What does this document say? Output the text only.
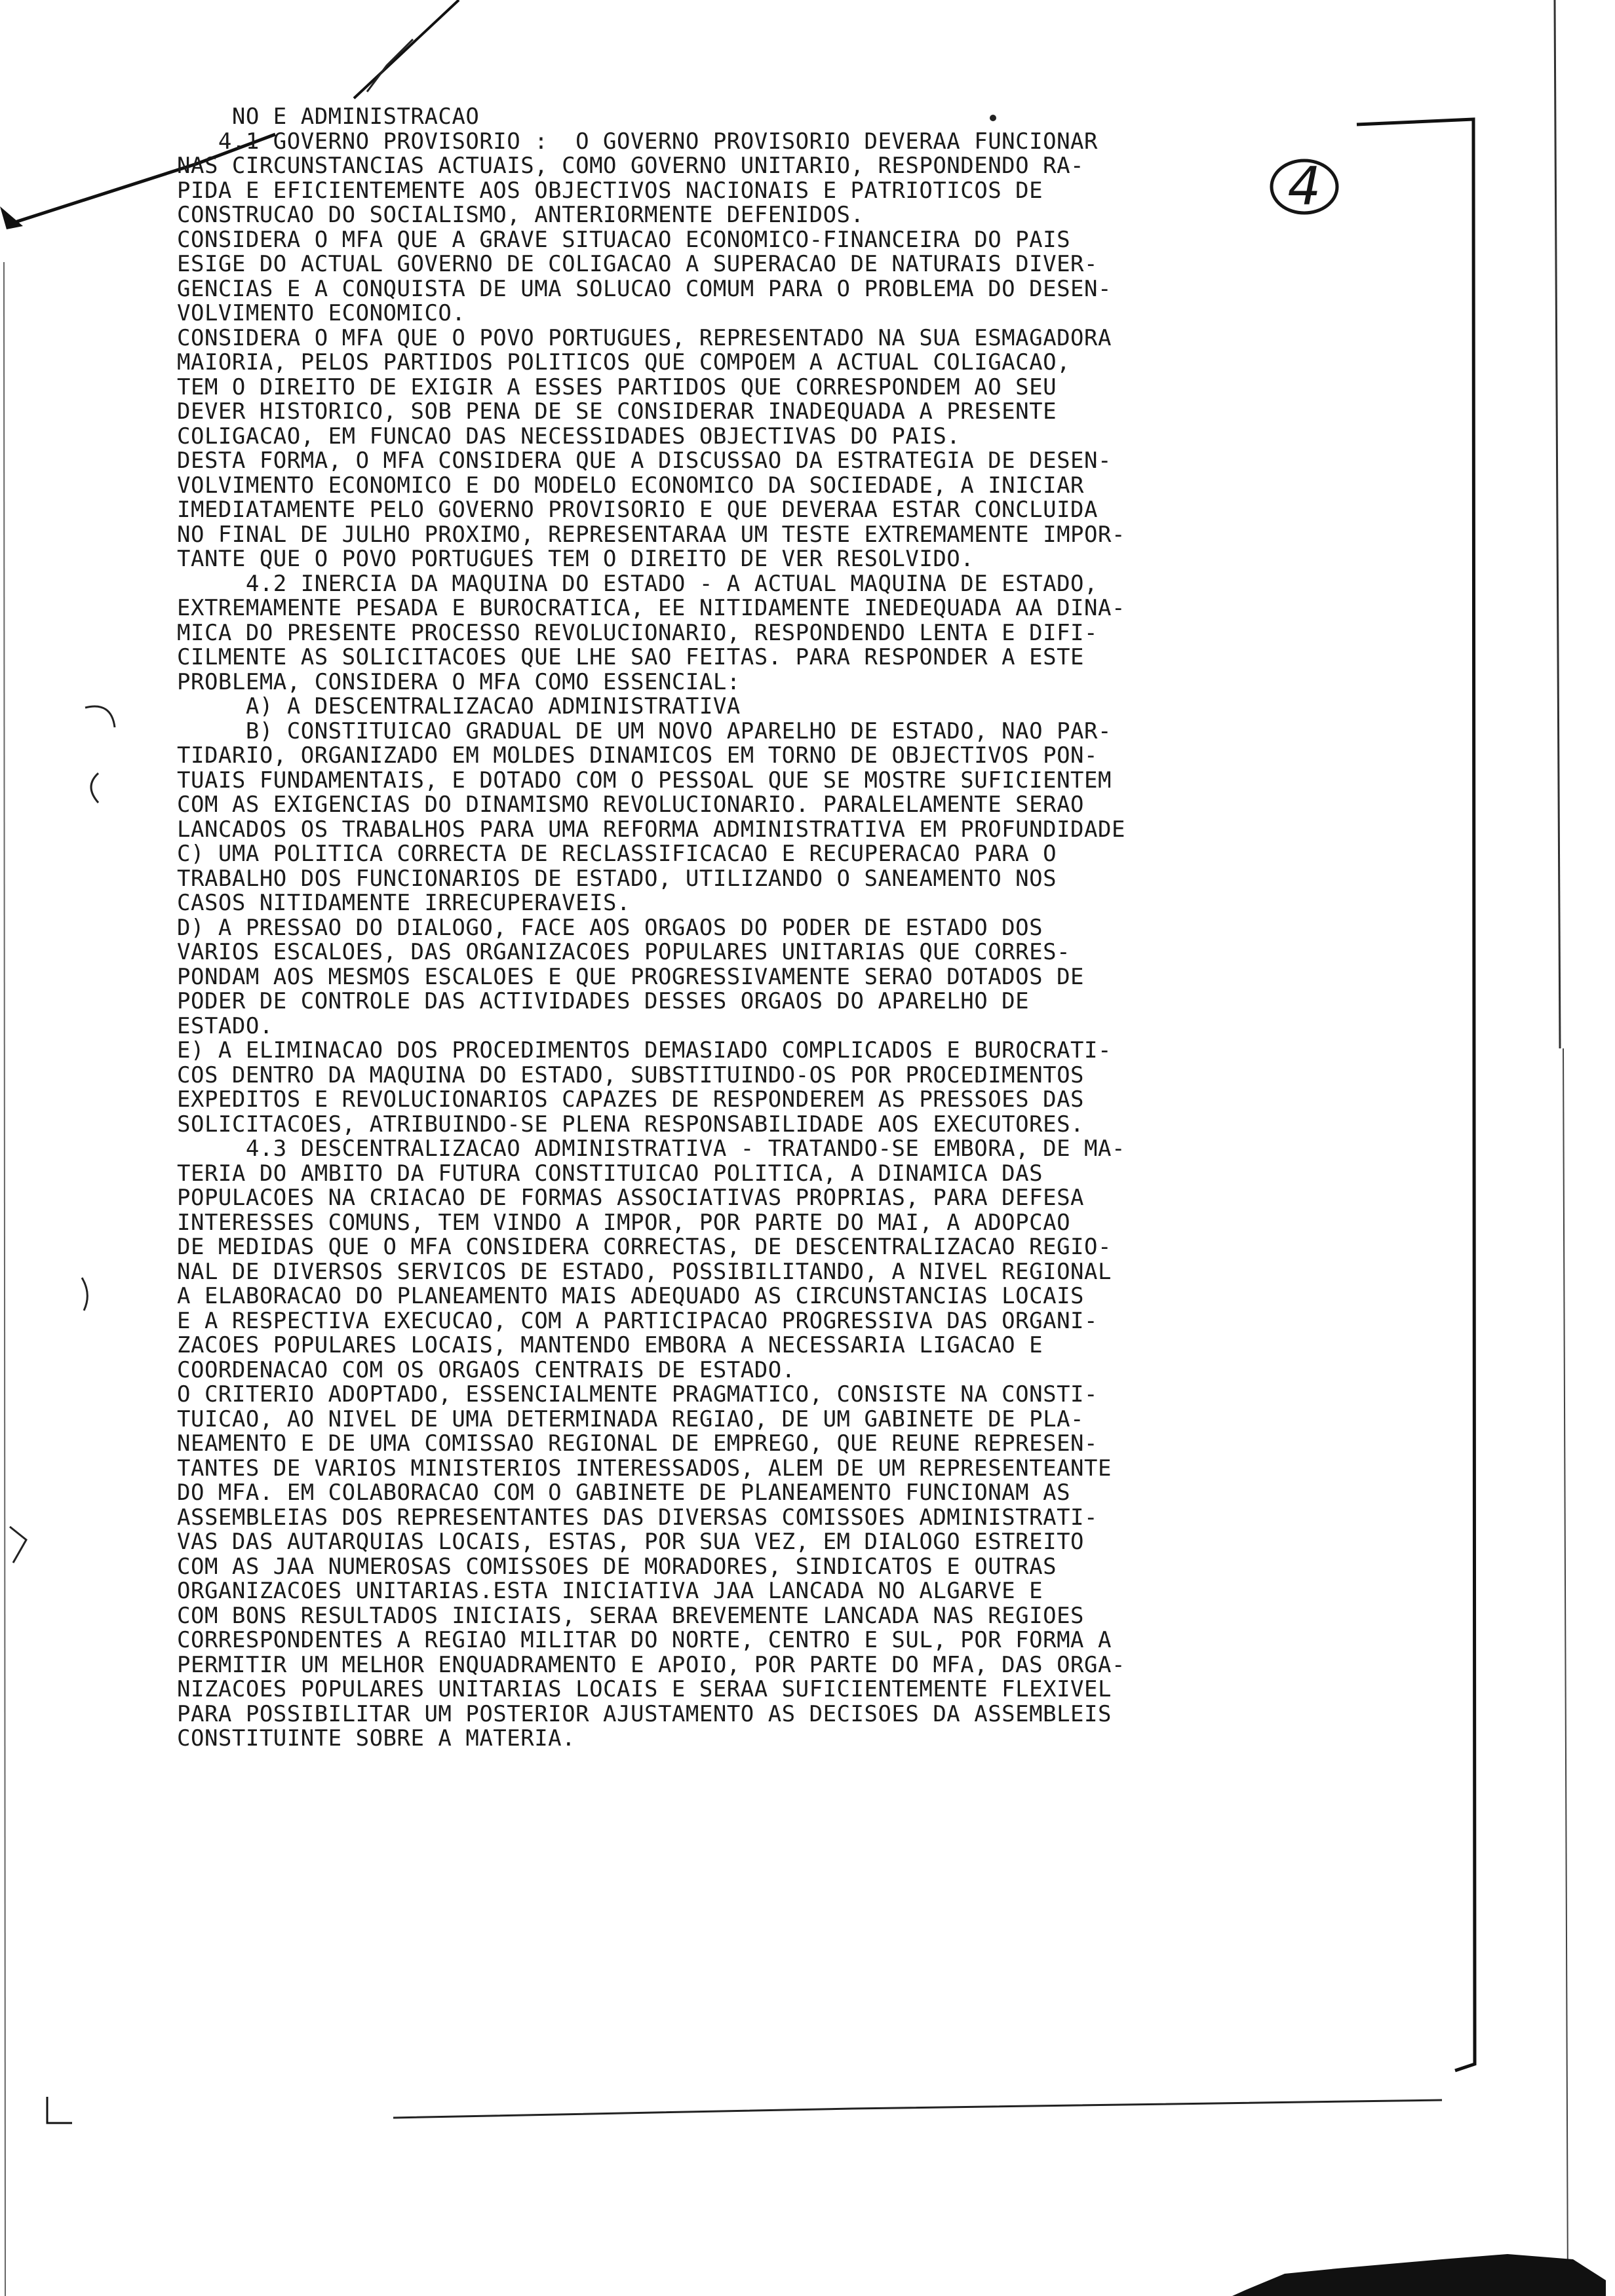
4
NO E ADMINISTRACAO
4.1 GOVERNO PROVISORIO :  O GOVERNO PROVISORIO DEVERAA FUNCIONAR
NAS CIRCUNSTANCIAS ACTUAIS, COMO GOVERNO UNITARIO, RESPONDENDO RA-
PIDA E EFICIENTEMENTE AOS OBJECTIVOS NACIONAIS E PATRIOTICOS DE
CONSTRUCAO DO SOCIALISMO, ANTERIORMENTE DEFENIDOS.
CONSIDERA O MFA QUE A GRAVE SITUACAO ECONOMICO-FINANCEIRA DO PAIS
ESIGE DO ACTUAL GOVERNO DE COLIGACAO A SUPERACAO DE NATURAIS DIVER-
GENCIAS E A CONQUISTA DE UMA SOLUCAO COMUM PARA O PROBLEMA DO DESEN-
VOLVIMENTO ECONOMICO.
CONSIDERA O MFA QUE O POVO PORTUGUES, REPRESENTADO NA SUA ESMAGADORA
MAIORIA, PELOS PARTIDOS POLITICOS QUE COMPOEM A ACTUAL COLIGACAO,
TEM O DIREITO DE EXIGIR A ESSES PARTIDOS QUE CORRESPONDEM AO SEU
DEVER HISTORICO, SOB PENA DE SE CONSIDERAR INADEQUADA A PRESENTE
COLIGACAO, EM FUNCAO DAS NECESSIDADES OBJECTIVAS DO PAIS.
DESTA FORMA, O MFA CONSIDERA QUE A DISCUSSAO DA ESTRATEGIA DE DESEN-
VOLVIMENTO ECONOMICO E DO MODELO ECONOMICO DA SOCIEDADE, A INICIAR
IMEDIATAMENTE PELO GOVERNO PROVISORIO E QUE DEVERAA ESTAR CONCLUIDA
NO FINAL DE JULHO PROXIMO, REPRESENTARAA UM TESTE EXTREMAMENTE IMPOR-
TANTE QUE O POVO PORTUGUES TEM O DIREITO DE VER RESOLVIDO.
4.2 INERCIA DA MAQUINA DO ESTADO - A ACTUAL MAQUINA DE ESTADO,
EXTREMAMENTE PESADA E BUROCRATICA, EE NITIDAMENTE INEDEQUADA AA DINA-
MICA DO PRESENTE PROCESSO REVOLUCIONARIO, RESPONDENDO LENTA E DIFI-
CILMENTE AS SOLICITACOES QUE LHE SAO FEITAS. PARA RESPONDER A ESTE
PROBLEMA, CONSIDERA O MFA COMO ESSENCIAL:
A) A DESCENTRALIZACAO ADMINISTRATIVA
B) CONSTITUICAO GRADUAL DE UM NOVO APARELHO DE ESTADO, NAO PAR-
TIDARIO, ORGANIZADO EM MOLDES DINAMICOS EM TORNO DE OBJECTIVOS PON-
TUAIS FUNDAMENTAIS, E DOTADO COM O PESSOAL QUE SE MOSTRE SUFICIENTEM
COM AS EXIGENCIAS DO DINAMISMO REVOLUCIONARIO. PARALELAMENTE SERAO
LANCADOS OS TRABALHOS PARA UMA REFORMA ADMINISTRATIVA EM PROFUNDIDADE
C) UMA POLITICA CORRECTA DE RECLASSIFICACAO E RECUPERACAO PARA O
TRABALHO DOS FUNCIONARIOS DE ESTADO, UTILIZANDO O SANEAMENTO NOS
CASOS NITIDAMENTE IRRECUPERAVEIS.
D) A PRESSAO DO DIALOGO, FACE AOS ORGAOS DO PODER DE ESTADO DOS
VARIOS ESCALOES, DAS ORGANIZACOES POPULARES UNITARIAS QUE CORRES-
PONDAM AOS MESMOS ESCALOES E QUE PROGRESSIVAMENTE SERAO DOTADOS DE
PODER DE CONTROLE DAS ACTIVIDADES DESSES ORGAOS DO APARELHO DE
ESTADO.
E) A ELIMINACAO DOS PROCEDIMENTOS DEMASIADO COMPLICADOS E BUROCRATI-
COS DENTRO DA MAQUINA DO ESTADO, SUBSTITUINDO-OS POR PROCEDIMENTOS
EXPEDITOS E REVOLUCIONARIOS CAPAZES DE RESPONDEREM AS PRESSOES DAS
SOLICITACOES, ATRIBUINDO-SE PLENA RESPONSABILIDADE AOS EXECUTORES.
4.3 DESCENTRALIZACAO ADMINISTRATIVA - TRATANDO-SE EMBORA, DE MA-
TERIA DO AMBITO DA FUTURA CONSTITUICAO POLITICA, A DINAMICA DAS
POPULACOES NA CRIACAO DE FORMAS ASSOCIATIVAS PROPRIAS, PARA DEFESA
INTERESSES COMUNS, TEM VINDO A IMPOR, POR PARTE DO MAI, A ADOPCAO
DE MEDIDAS QUE O MFA CONSIDERA CORRECTAS, DE DESCENTRALIZACAO REGIO-
NAL DE DIVERSOS SERVICOS DE ESTADO, POSSIBILITANDO, A NIVEL REGIONAL
A ELABORACAO DO PLANEAMENTO MAIS ADEQUADO AS CIRCUNSTANCIAS LOCAIS
E A RESPECTIVA EXECUCAO, COM A PARTICIPACAO PROGRESSIVA DAS ORGANI-
ZACOES POPULARES LOCAIS, MANTENDO EMBORA A NECESSARIA LIGACAO E
COORDENACAO COM OS ORGAOS CENTRAIS DE ESTADO.
O CRITERIO ADOPTADO, ESSENCIALMENTE PRAGMATICO, CONSISTE NA CONSTI-
TUICAO, AO NIVEL DE UMA DETERMINADA REGIAO, DE UM GABINETE DE PLA-
NEAMENTO E DE UMA COMISSAO REGIONAL DE EMPREGO, QUE REUNE REPRESEN-
TANTES DE VARIOS MINISTERIOS INTERESSADOS, ALEM DE UM REPRESENTEANTE
DO MFA. EM COLABORACAO COM O GABINETE DE PLANEAMENTO FUNCIONAM AS
ASSEMBLEIAS DOS REPRESENTANTES DAS DIVERSAS COMISSOES ADMINISTRATI-
VAS DAS AUTARQUIAS LOCAIS, ESTAS, POR SUA VEZ, EM DIALOGO ESTREITO
COM AS JAA NUMEROSAS COMISSOES DE MORADORES, SINDICATOS E OUTRAS
ORGANIZACOES UNITARIAS.ESTA INICIATIVA JAA LANCADA NO ALGARVE E
COM BONS RESULTADOS INICIAIS, SERAA BREVEMENTE LANCADA NAS REGIOES
CORRESPONDENTES A REGIAO MILITAR DO NORTE, CENTRO E SUL, POR FORMA A
PERMITIR UM MELHOR ENQUADRAMENTO E APOIO, POR PARTE DO MFA, DAS ORGA-
NIZACOES POPULARES UNITARIAS LOCAIS E SERAA SUFICIENTEMENTE FLEXIVEL
PARA POSSIBILITAR UM POSTERIOR AJUSTAMENTO AS DECISOES DA ASSEMBLEIS
CONSTITUINTE SOBRE A MATERIA.
